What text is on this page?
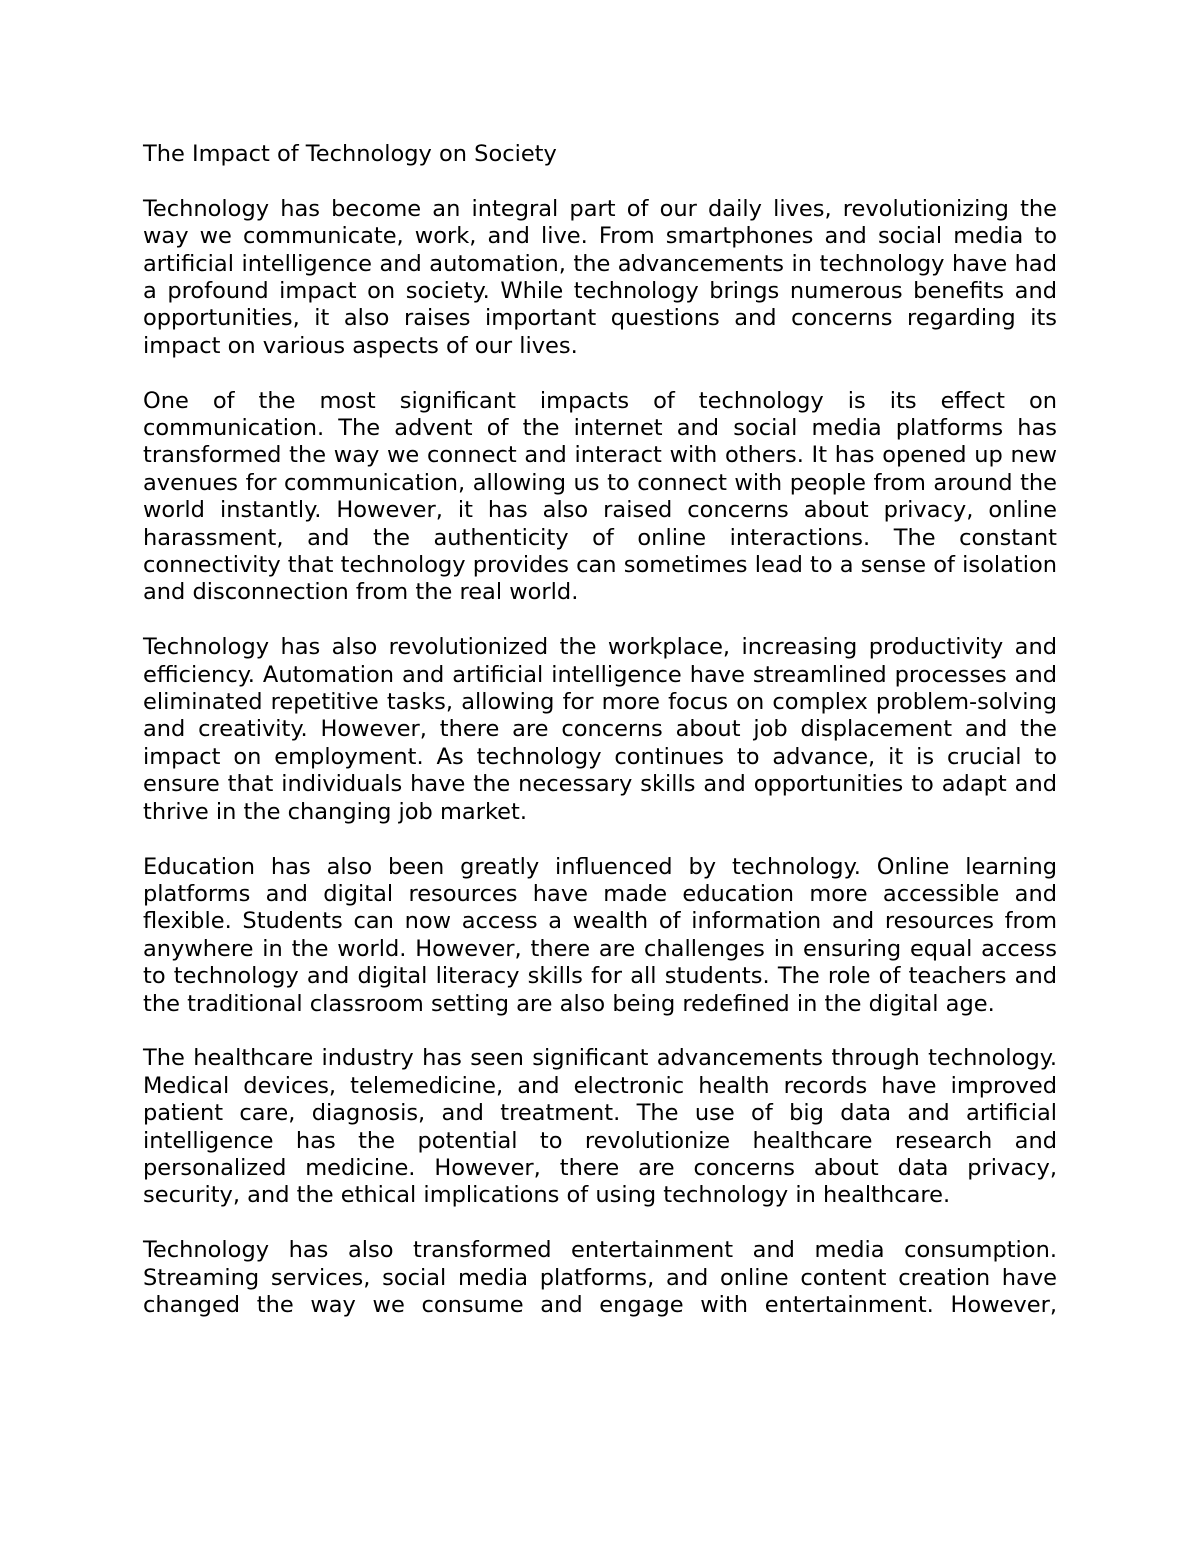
The Impact of Technology on Society

Technology has become an integral part of our daily lives, revolutionizing the way we communicate, work, and live. From smartphones and social media to artificial intelligence and automation, the advancements in technology have had a profound impact on society. While technology brings numerous benefits and opportunities, it also raises important questions and concerns regarding its impact on various aspects of our lives.

One of the most significant impacts of technology is its effect on communication. The advent of the internet and social media platforms has transformed the way we connect and interact with others. It has opened up new avenues for communication, allowing us to connect with people from around the world instantly. However, it has also raised concerns about privacy, online harassment, and the authenticity of online interactions. The constant connectivity that technology provides can sometimes lead to a sense of isolation and disconnection from the real world.

Technology has also revolutionized the workplace, increasing productivity and efficiency. Automation and artificial intelligence have streamlined processes and eliminated repetitive tasks, allowing for more focus on complex problem-solving and creativity. However, there are concerns about job displacement and the impact on employment. As technology continues to advance, it is crucial to ensure that individuals have the necessary skills and opportunities to adapt and thrive in the changing job market.

Education has also been greatly influenced by technology. Online learning platforms and digital resources have made education more accessible and flexible. Students can now access a wealth of information and resources from anywhere in the world. However, there are challenges in ensuring equal access to technology and digital literacy skills for all students. The role of teachers and the traditional classroom setting are also being redefined in the digital age.

The healthcare industry has seen significant advancements through technology. Medical devices, telemedicine, and electronic health records have improved patient care, diagnosis, and treatment. The use of big data and artificial intelligence has the potential to revolutionize healthcare research and personalized medicine. However, there are concerns about data privacy, security, and the ethical implications of using technology in healthcare.

Technology has also transformed entertainment and media consumption. Streaming services, social media platforms, and online content creation have changed the way we consume and engage with entertainment. However,
